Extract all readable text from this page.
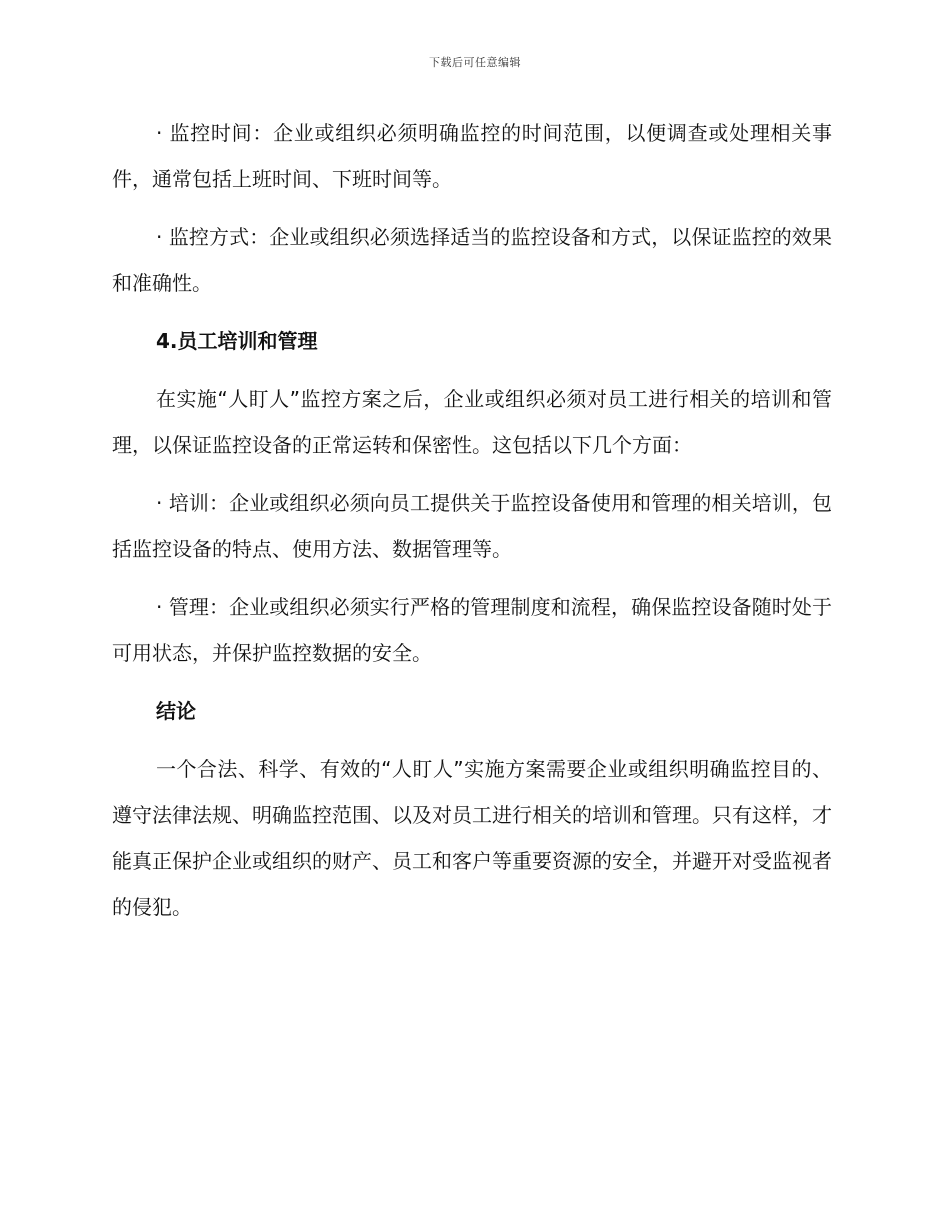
下载后可任意编辑

· 监控时间：企业或组织必须明确监控的时间范围，以便调查或处理相关事件，通常包括上班时间、下班时间等。

· 监控方式：企业或组织必须选择适当的监控设备和方式，以保证监控的效果和准确性。

4.员工培训和管理

在实施“人盯人”监控方案之后，企业或组织必须对员工进行相关的培训和管理，以保证监控设备的正常运转和保密性。这包括以下几个方面：

· 培训：企业或组织必须向员工提供关于监控设备使用和管理的相关培训，包括监控设备的特点、使用方法、数据管理等。

· 管理：企业或组织必须实行严格的管理制度和流程，确保监控设备随时处于可用状态，并保护监控数据的安全。

结论

一个合法、科学、有效的“人盯人”实施方案需要企业或组织明确监控目的、遵守法律法规、明确监控范围、以及对员工进行相关的培训和管理。只有这样，才能真正保护企业或组织的财产、员工和客户等重要资源的安全，并避开对受监视者的侵犯。
